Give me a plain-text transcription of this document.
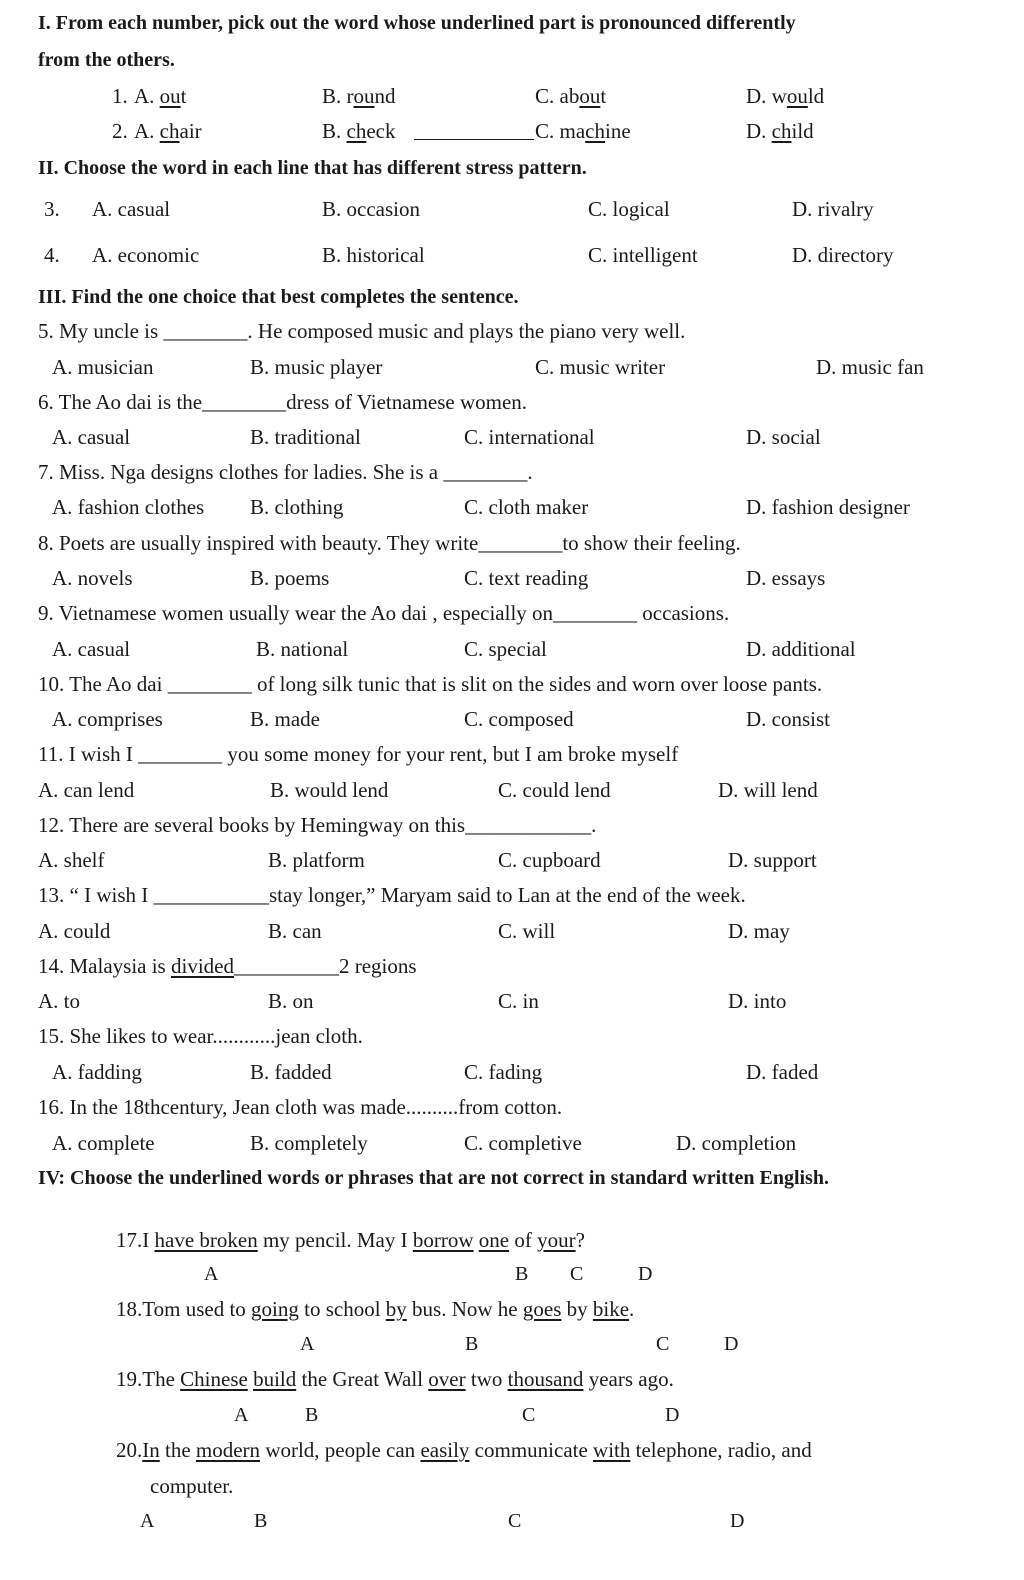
I. From each number, pick out the word whose underlined part is pronounced differently
from the others.
1. A. out	B. round	C. about	D. would
2. A. chair	B. check	C. machine	D. child
II. Choose the word in each line that has different stress pattern.
3. A. casual	B. occasion	C. logical	D. rivalry
4. A. economic	B. historical	C. intelligent	D. directory
III. Find the one choice that best completes the sentence.
5. My uncle is ________. He composed music and plays the piano very well.
A. musician	B. music player	C. music writer	D. music fan
6. The Ao dai is the________dress of Vietnamese women.
A. casual	B. traditional	C. international	D. social
7. Miss. Nga designs clothes for ladies. She is a ________.
A. fashion clothes B. clothing	C. cloth maker	D. fashion designer
8. Poets are usually inspired with beauty. They write________to show their feeling.
A. novels	B. poems	C. text reading	D. essays
9. Vietnamese women usually wear the Ao dai , especially on________ occasions.
A. casual	B. national	C. special	D. additional
10. The Ao dai ________ of long silk tunic that is slit on the sides and worn over loose pants.
A. comprises	B. made	C. composed	D. consist
11. I wish I ________ you some money for your rent, but I am broke myself
A. can lend	B. would lend	C. could lend	D. will lend
12. There are several books by Hemingway on this____________.
A. shelf	B. platform	C. cupboard	D. support
13. “ I wish I ___________stay longer,” Maryam said to Lan at the end of the week.
A. could	B. can	C. will	D. may
14. Malaysia is divided__________2 regions
A. to	B. on	C. in	D. into
15. She likes to wear............jean cloth.
A. fadding	B. fadded	C. fading	D. faded
16. In the 18thcentury, Jean cloth was made..........from cotton.
A. complete	B. completely	C. completive	D. completion
IV: Choose the underlined words or phrases that are not correct in standard written English.
17.I have broken my pencil. May I borrow one of your?
A	B C	D
18.Tom used to going to school by bus. Now he goes by bike.
A	B	C	D
19.The Chinese build the Great Wall over two thousand years ago.
A	B	C	D
20.In the modern world, people can easily communicate with telephone, radio, and
computer.
A	B	C	D
